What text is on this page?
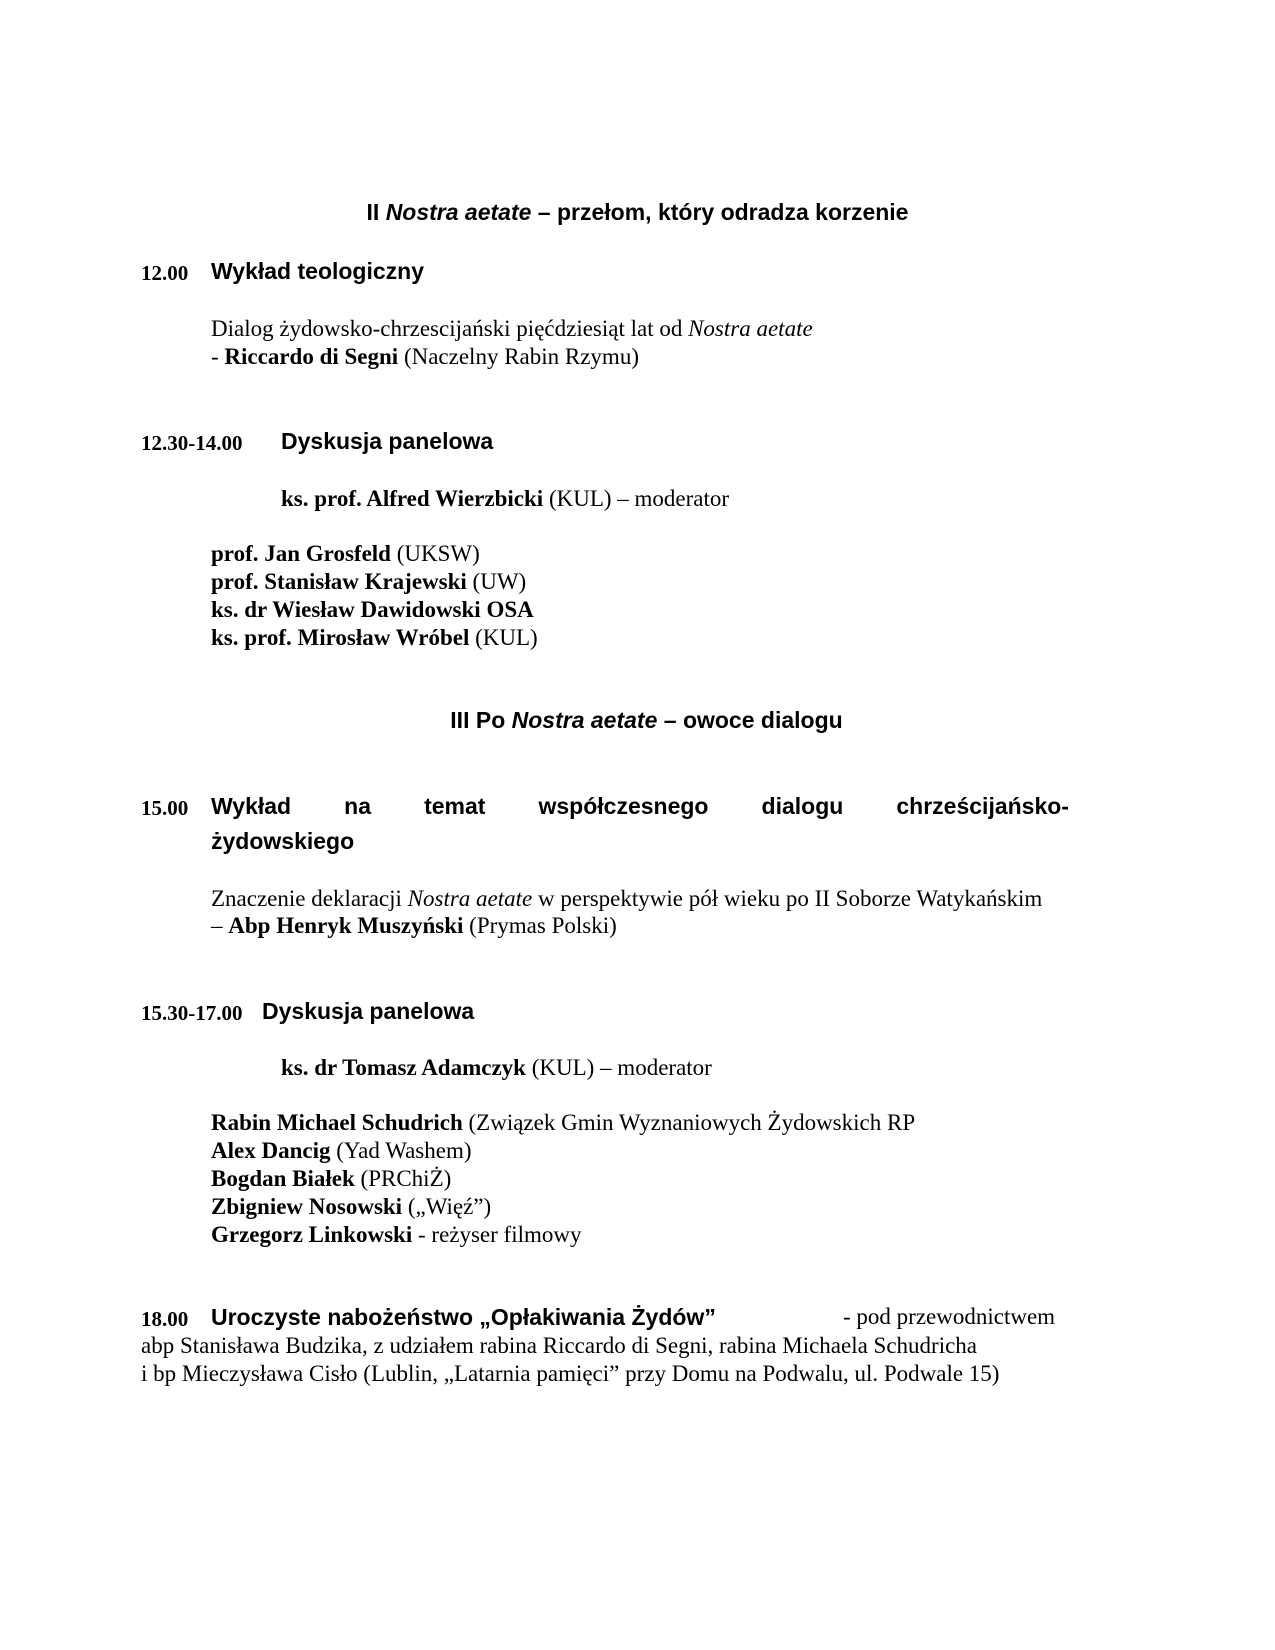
II Nostra aetate – przełom, który odradza korzenie
12.00 Wykład teologiczny
Dialog żydowsko-chrzescijański pięćdziesiąt lat od Nostra aetate
- Riccardo di Segni (Naczelny Rabin Rzymu)
12.30-14.00 Dyskusja panelowa
ks. prof. Alfred Wierzbicki (KUL) – moderator
prof. Jan Grosfeld (UKSW)
prof. Stanisław Krajewski (UW)
ks. dr Wiesław Dawidowski OSA
ks. prof. Mirosław Wróbel (KUL)
III Po Nostra aetate – owoce dialogu
15.00 Wykład na temat współczesnego dialogu chrześcijańsko-
żydowskiego
Znaczenie deklaracji Nostra aetate w perspektywie pół wieku po II Soborze Watykańskim
– Abp Henryk Muszyński (Prymas Polski)
15.30-17.00 Dyskusja panelowa
ks. dr Tomasz Adamczyk (KUL) – moderator
Rabin Michael Schudrich (Związek Gmin Wyznaniowych Żydowskich RP
Alex Dancig (Yad Washem)
Bogdan Białek (PRChiŻ)
Zbigniew Nosowski („Więź”)
Grzegorz Linkowski - reżyser filmowy
18.00 Uroczyste nabożeństwo „Opłakiwania Żydów”	- pod przewodnictwem
abp Stanisława Budzika, z udziałem rabina Riccardo di Segni, rabina Michaela Schudricha
i bp Mieczysława Cisło (Lublin, „Latarnia pamięci” przy Domu na Podwalu, ul. Podwale 15)
